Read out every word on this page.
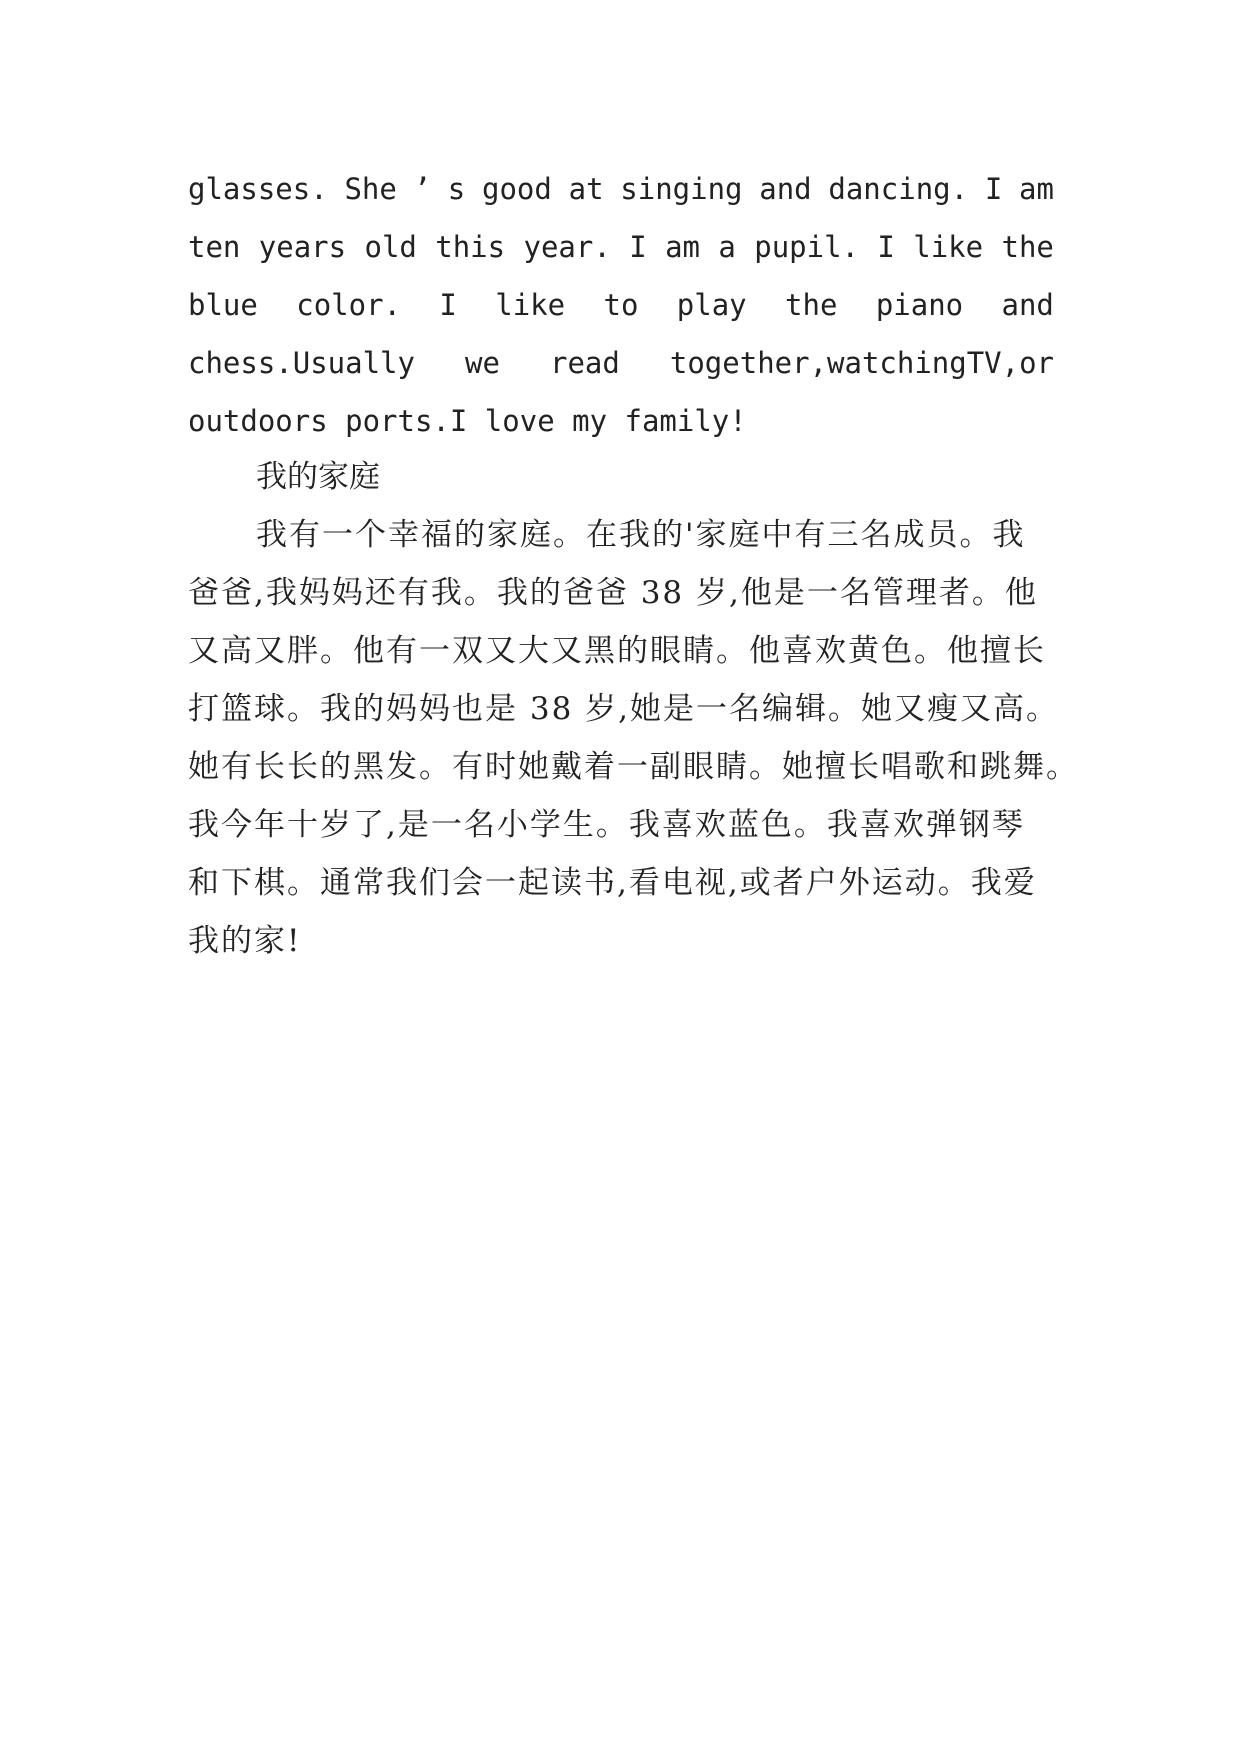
glasses. She ’ s good at singing and dancing. I am
ten years old this year. I am a pupil. I like the
blue color. I like to play the piano and
chess.Usually we read together,watchingTV,or
outdoors ports.I love my family!
我的家庭
我有一个幸福的家庭。在我的'家庭中有三名成员。我
爸爸,我妈妈还有我。我的爸爸 38 岁,他是一名管理者。他
又高又胖。他有一双又大又黑的眼睛。他喜欢黄色。他擅长
打篮球。我的妈妈也是 38 岁,她是一名编辑。她又瘦又高。
她有长长的黑发。有时她戴着一副眼睛。她擅长唱歌和跳舞。
我今年十岁了,是一名小学生。我喜欢蓝色。我喜欢弹钢琴
和下棋。通常我们会一起读书,看电视,或者户外运动。我爱
我的家!
